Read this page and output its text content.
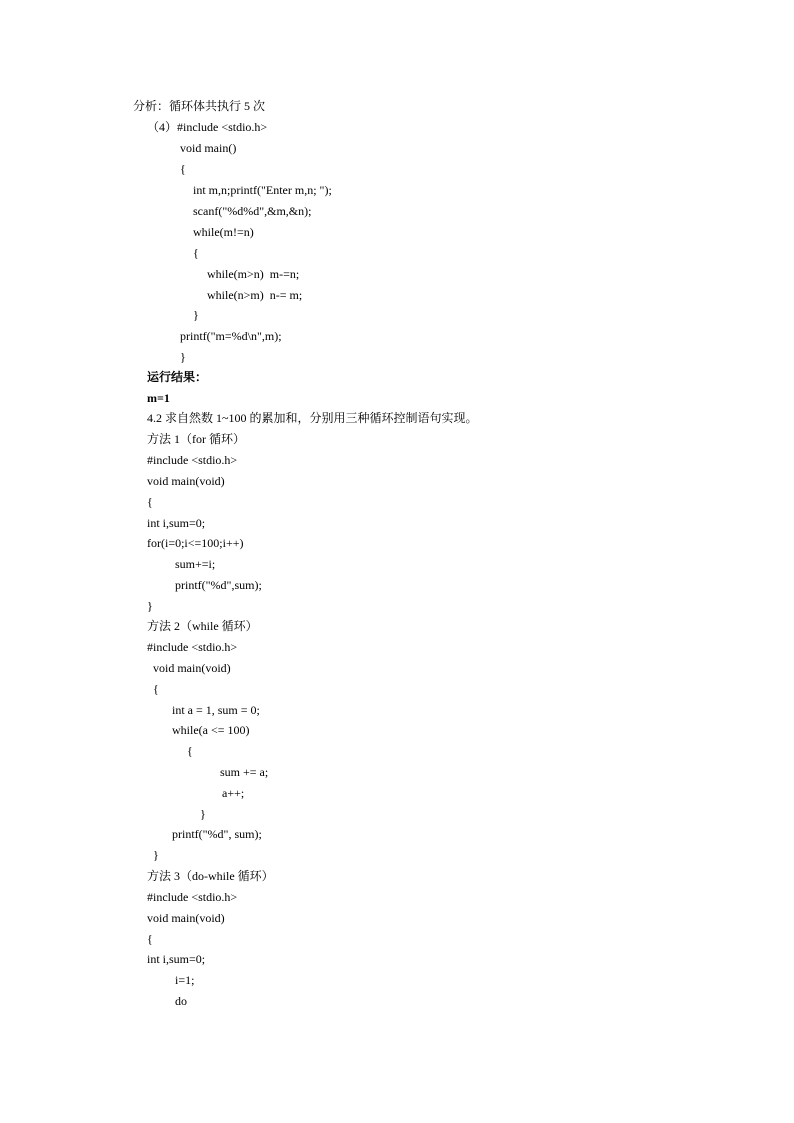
分析：循环体共执行 5 次
（4）#include <stdio.h>
void main()
{
int m,n;printf("Enter m,n; ");
scanf("%d%d",&m,&n);
while(m!=n)
{
while(m>n)  m-=n;
while(n>m)  n-= m;
}
printf("m=%d\n",m);
}
运行结果：
m=1
4.2 求自然数 1~100 的累加和，分别用三种循环控制语句实现。
方法 1（for 循环）
#include <stdio.h>
void main(void)
{
int i,sum=0;
for(i=0;i<=100;i++)
sum+=i;
printf("%d",sum);
}
方法 2（while 循环）
#include <stdio.h>
void main(void)
{
int a = 1, sum = 0;
while(a <= 100)
{
sum += a;
a++;
}
printf("%d", sum);
}
方法 3（do-while 循环）
#include <stdio.h>
void main(void)
{
int i,sum=0;
i=1;
do
